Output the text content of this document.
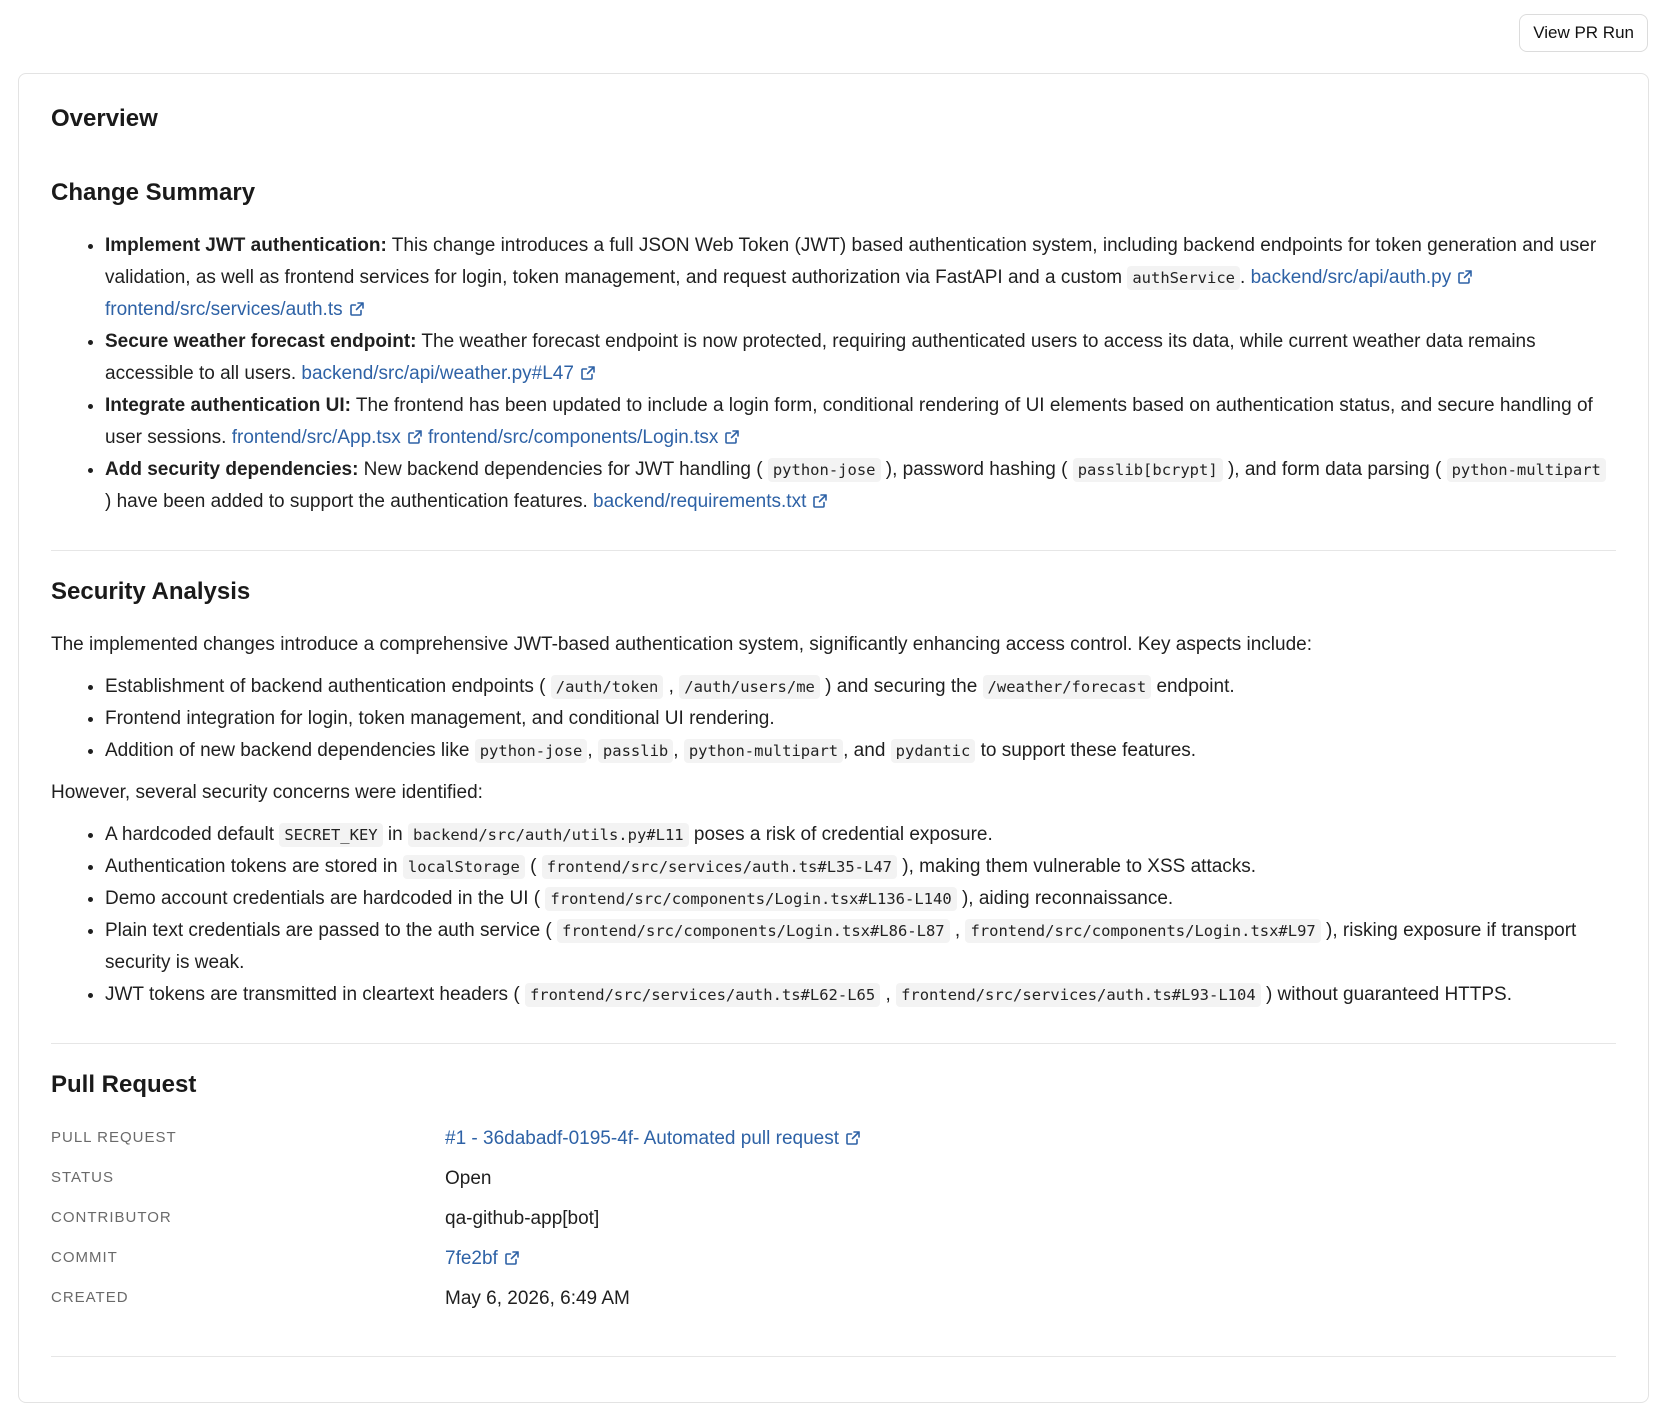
View PR Run
Overview
Change Summary
• Implement JWT authentication: This change introduces a full JSON Web Token (JWT) based authentication system, including backend endpoints for token generation and user validation, as well as frontend services for login, token management, and request authorization via FastAPI and a custom authService . backend/src/api/auth.py frontend/src/services/auth.ts
• Secure weather forecast endpoint: The weather forecast endpoint is now protected, requiring authenticated users to access its data, while current weather data remains accessible to all users. backend/src/api/weather.py#L47
• Integrate authentication UI: The frontend has been updated to include a login form, conditional rendering of UI elements based on authentication status, and secure handling of user sessions. frontend/src/App.tsx frontend/src/components/Login.tsx
• Add security dependencies: New backend dependencies for JWT handling ( python-jose ), password hashing ( passlib[bcrypt] ), and form data parsing ( python-multipart ) have been added to support the authentication features. backend/requirements.txt
Security Analysis

The implemented changes introduce a comprehensive JWT-based authentication system, significantly enhancing access control. Key aspects include:

• Establishment of backend authentication endpoints ( /auth/token , /auth/users/me ) and securing the /weather/forecast endpoint.
• Frontend integration for login, token management, and conditional UI rendering.
• Addition of new backend dependencies like python-jose , passlib , python-multipart , and pydantic to support these features.

However, several security concerns were identified:

• A hardcoded default SECRET_KEY in backend/src/auth/utils.py#L11 poses a risk of credential exposure.
• Authentication tokens are stored in localStorage ( frontend/src/services/auth.ts#L35-L47 ), making them vulnerable to XSS attacks.
• Demo account credentials are hardcoded in the UI ( frontend/src/components/Login.tsx#L136-L140 ), aiding reconnaissance.
• Plain text credentials are passed to the auth service ( frontend/src/components/Login.tsx#L86-L87 , frontend/src/components/Login.tsx#L97 ), risking exposure if transport security is weak.
• JWT tokens are transmitted in cleartext headers ( frontend/src/services/auth.ts#L62-L65 , frontend/src/services/auth.ts#L93-L104 ) without guaranteed HTTPS.
Pull Request
PULL REQUEST	#1 - 36dabadf-0195-4f- Automated pull request
STATUS	Open
CONTRIBUTOR	qa-github-app[bot]
COMMIT	7fe2bf
CREATED	May 6, 2026, 6:49 AM
